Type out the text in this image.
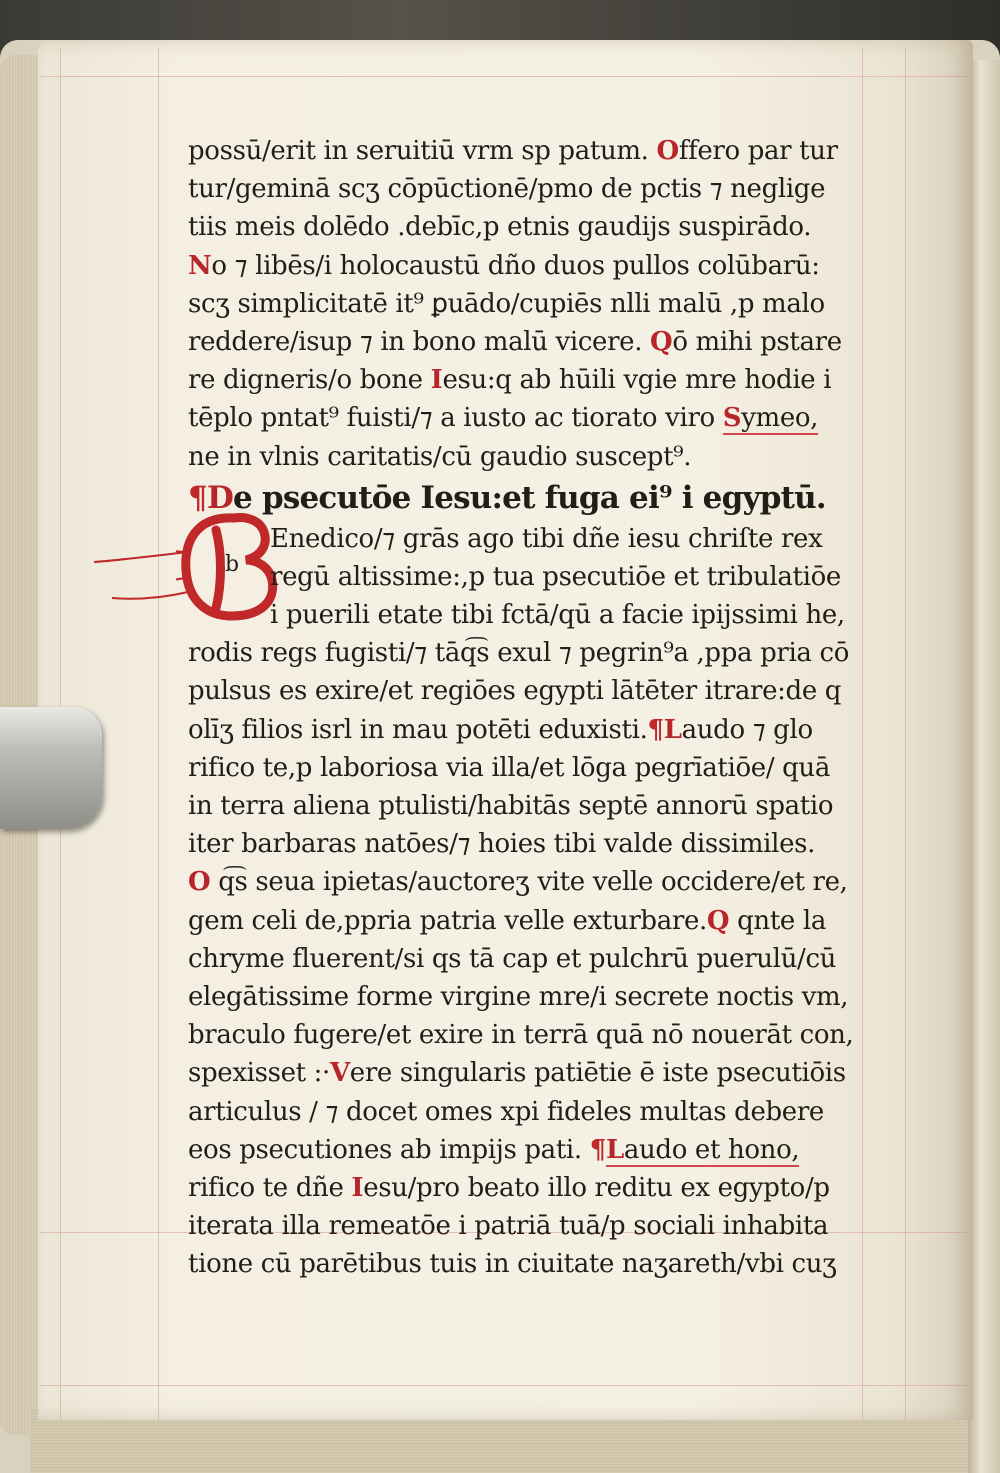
b
possū/erit in seruitiū vrm sp patum. Offero par tur
tur/geminā scʒ cōpūctionē/pmo de pctis ⁊ neglige
tiis meis dolēdo .debīc,p etnis gaudijs suspirādo.
No ⁊ libēs/i holocaustū dño duos pullos colūbarū:
scʒ simplicitatē it⁹ ꝑuādo/cupiēs nlli malū ,p malo
reddere/isup ⁊ in bono malū vicere. Qō mihi pstare
re digneris/o bone Iesu:q ab hūili vgie mre hodie i
tēplo pntat⁹ fuisti/⁊ a iusto ac tiorato viro Symeo,
ne in vlnis caritatis/cū gaudio suscept⁹.
¶De psecutōe Iesu:et fuga ei⁹ i egyptū.
Enedico/⁊ grās ago tibi dñe iesu chriſte rex
regū altissime:,p tua psecutiōe et tribulatiōe
i puerili etate tibi fctā/qū a facie ipijssimi he,
rodis regs fugisti/⁊ tāq͡s exul ⁊ pegrin⁹a ,ppa pria cō
pulsus es exire/et regiōes egypti lātēter itrare:de q
olīʒ filios isrl in mau potēti eduxisti.¶Laudo ⁊ glo
rifico te,p laboriosa via illa/et lōga pegrīatiōe/ quā
in terra aliena ptulisti/habitās septē annorū spatio
iter barbaras natōes/⁊ hoies tibi valde dissimiles.
O q͡s seua ipietas/auctoreʒ vite velle occidere/et re,
gem celi de,ppria patria velle exturbare.Q qnte la
chryme fluerent/si qs tā cap et pulchrū puerulū/cū
elegātissime forme virgine mre/i secrete noctis vm,
braculo fugere/et exire in terrā quā nō nouerāt con,
spexisset :·Vere singularis patiētie ē iste psecutiōis
articulus / ⁊ docet omes xpi fideles multas debere
eos psecutiones ab impijs pati. ¶Laudo et hono,
rifico te dñe Iesu/pro beato illo reditu ex egypto/p
iterata illa remeatōe i patriā tuā/p sociali inhabita
tione cū parētibus tuis in ciuitate naʒareth/vbi cuʒ
